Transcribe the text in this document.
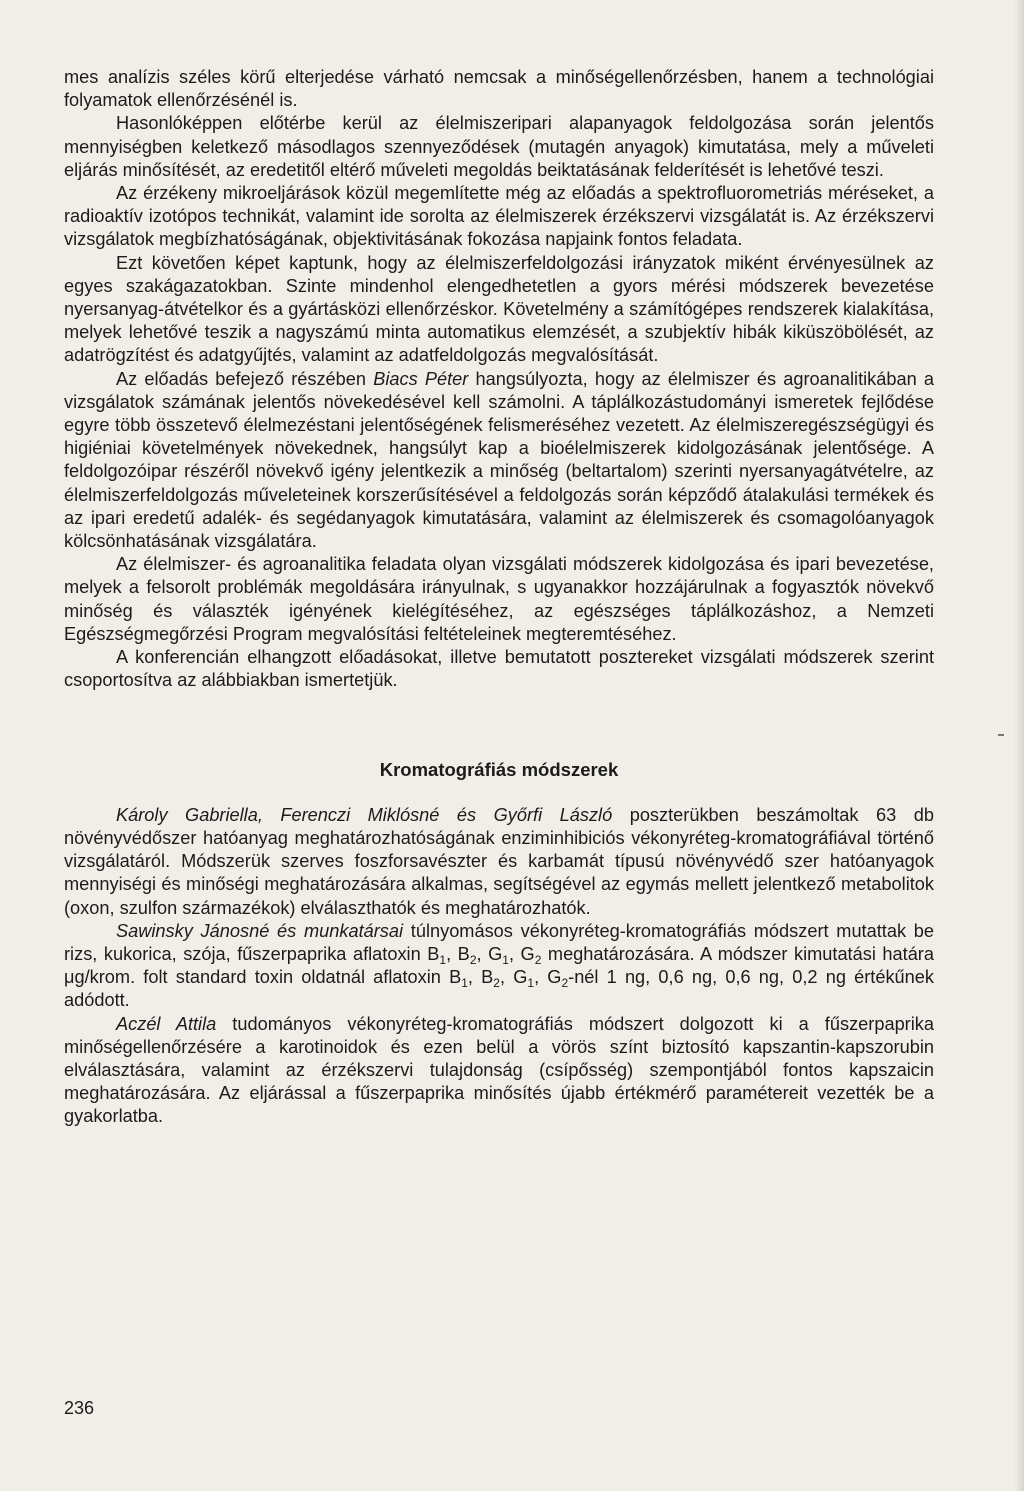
mes analízis széles körű elterjedése várható nemcsak a minőségellenőrzésben, hanem a technológiai folyamatok ellenőrzésénél is.

Hasonlóképpen előtérbe kerül az élelmiszeripari alapanyagok feldolgozása során jelentős mennyiségben keletkező másodlagos szennyeződések (mutagén anyagok) kimutatása, mely a műveleti eljárás minősítését, az eredetitől eltérő műveleti megoldás beiktatásának felderítését is lehetővé teszi.

Az érzékeny mikroeljárások közül megemlítette még az előadás a spektrofluorometriás méréseket, a radioaktív izotópos technikát, valamint ide sorolta az élelmiszerek érzékszervi vizsgálatát is. Az érzékszervi vizsgálatok megbízhatóságának, objektivitásának fokozása napjaink fontos feladata.

Ezt követően képet kaptunk, hogy az élelmiszerfeldolgozási irányzatok miként érvényesülnek az egyes szakágazatokban. Szinte mindenhol elengedhetetlen a gyors mérési módszerek bevezetése nyersanyag-átvételkor és a gyártásközi ellenőrzéskor. Követelmény a számítógépes rendszerek kialakítása, melyek lehetővé teszik a nagyszámú minta automatikus elemzését, a szubjektív hibák kiküszöbölését, az adatrögzítést és adatgyűjtés, valamint az adatfeldolgozás megvalósítását.

Az előadás befejező részében Biacs Péter hangsúlyozta, hogy az élelmiszer és agroanalitikában a vizsgálatok számának jelentős növekedésével kell számolni. A táplálkozástudományi ismeretek fejlődése egyre több összetevő élelmezéstani jelentőségének felismeréséhez vezetett. Az élelmiszeregészségügyi és higiéniai követelmények növekednek, hangsúlyt kap a bioélelmiszerek kidolgozásának jelentősége. A feldolgozóipar részéről növekvő igény jelentkezik a minőség (beltartalom) szerinti nyersanyagátvételre, az élelmiszerfeldolgozás műveleteinek korszerűsítésével a feldolgozás során képződő átalakulási termékek és az ipari eredetű adalék- és segédanyagok kimutatására, valamint az élelmiszerek és csomagolóanyagok kölcsönhatásának vizsgálatára.

Az élelmiszer- és agroanalitika feladata olyan vizsgálati módszerek kidolgozása és ipari bevezetése, melyek a felsorolt problémák megoldására irányulnak, s ugyanakkor hozzájárulnak a fogyasztók növekvő minőség és választék igényének kielégítéséhez, az egészséges táplálkozáshoz, a Nemzeti Egészségmegőrzési Program megvalósítási feltételeinek megteremtéséhez.

A konferencián elhangzott előadásokat, illetve bemutatott posztereket vizsgálati módszerek szerint csoportosítva az alábbiakban ismertetjük.

Kromatográfiás módszerek

Károly Gabriella, Ferenczi Miklósné és Győrfi László poszterükben beszámoltak 63 db növényvédőszer hatóanyag meghatározhatóságának enziminhibiciós vékonyréteg-kromatográfiával történő vizsgálatáról. Módszerük szerves foszforsavészter és karbamát típusú növényvédő szer hatóanyagok mennyiségi és minőségi meghatározására alkalmas, segítségével az egymás mellett jelentkező metabolitok (oxon, szulfon származékok) elválaszthatók és meghatározhatók.

Sawinsky Jánosné és munkatársai túlnyomásos vékonyréteg-kromatográfiás módszert mutattak be rizs, kukorica, szója, fűszerpaprika aflatoxin $B_1$, $B_2$, $G_1$, $G_2$ meghatározására. A módszer kimutatási határa μg/krom. folt standard toxin oldatnál aflatoxin $B_1$, $B_2$, $G_1$, $G_2$-nél 1 ng, 0,6 ng, 0,6 ng, 0,2 ng értékűnek adódott.

Aczél Attila tudományos vékonyréteg-kromatográfiás módszert dolgozott ki a fűszerpaprika minőségellenőrzésére a karotinoidok és ezen belül a vörös színt biztosító kapszantin-kapszorubin elválasztására, valamint az érzékszervi tulajdonság (csípősség) szempontjából fontos kapszaicin meghatározására. Az eljárással a fűszerpaprika minősítés újabb értékmérő paramétereit vezették be a gyakorlatba.

236
